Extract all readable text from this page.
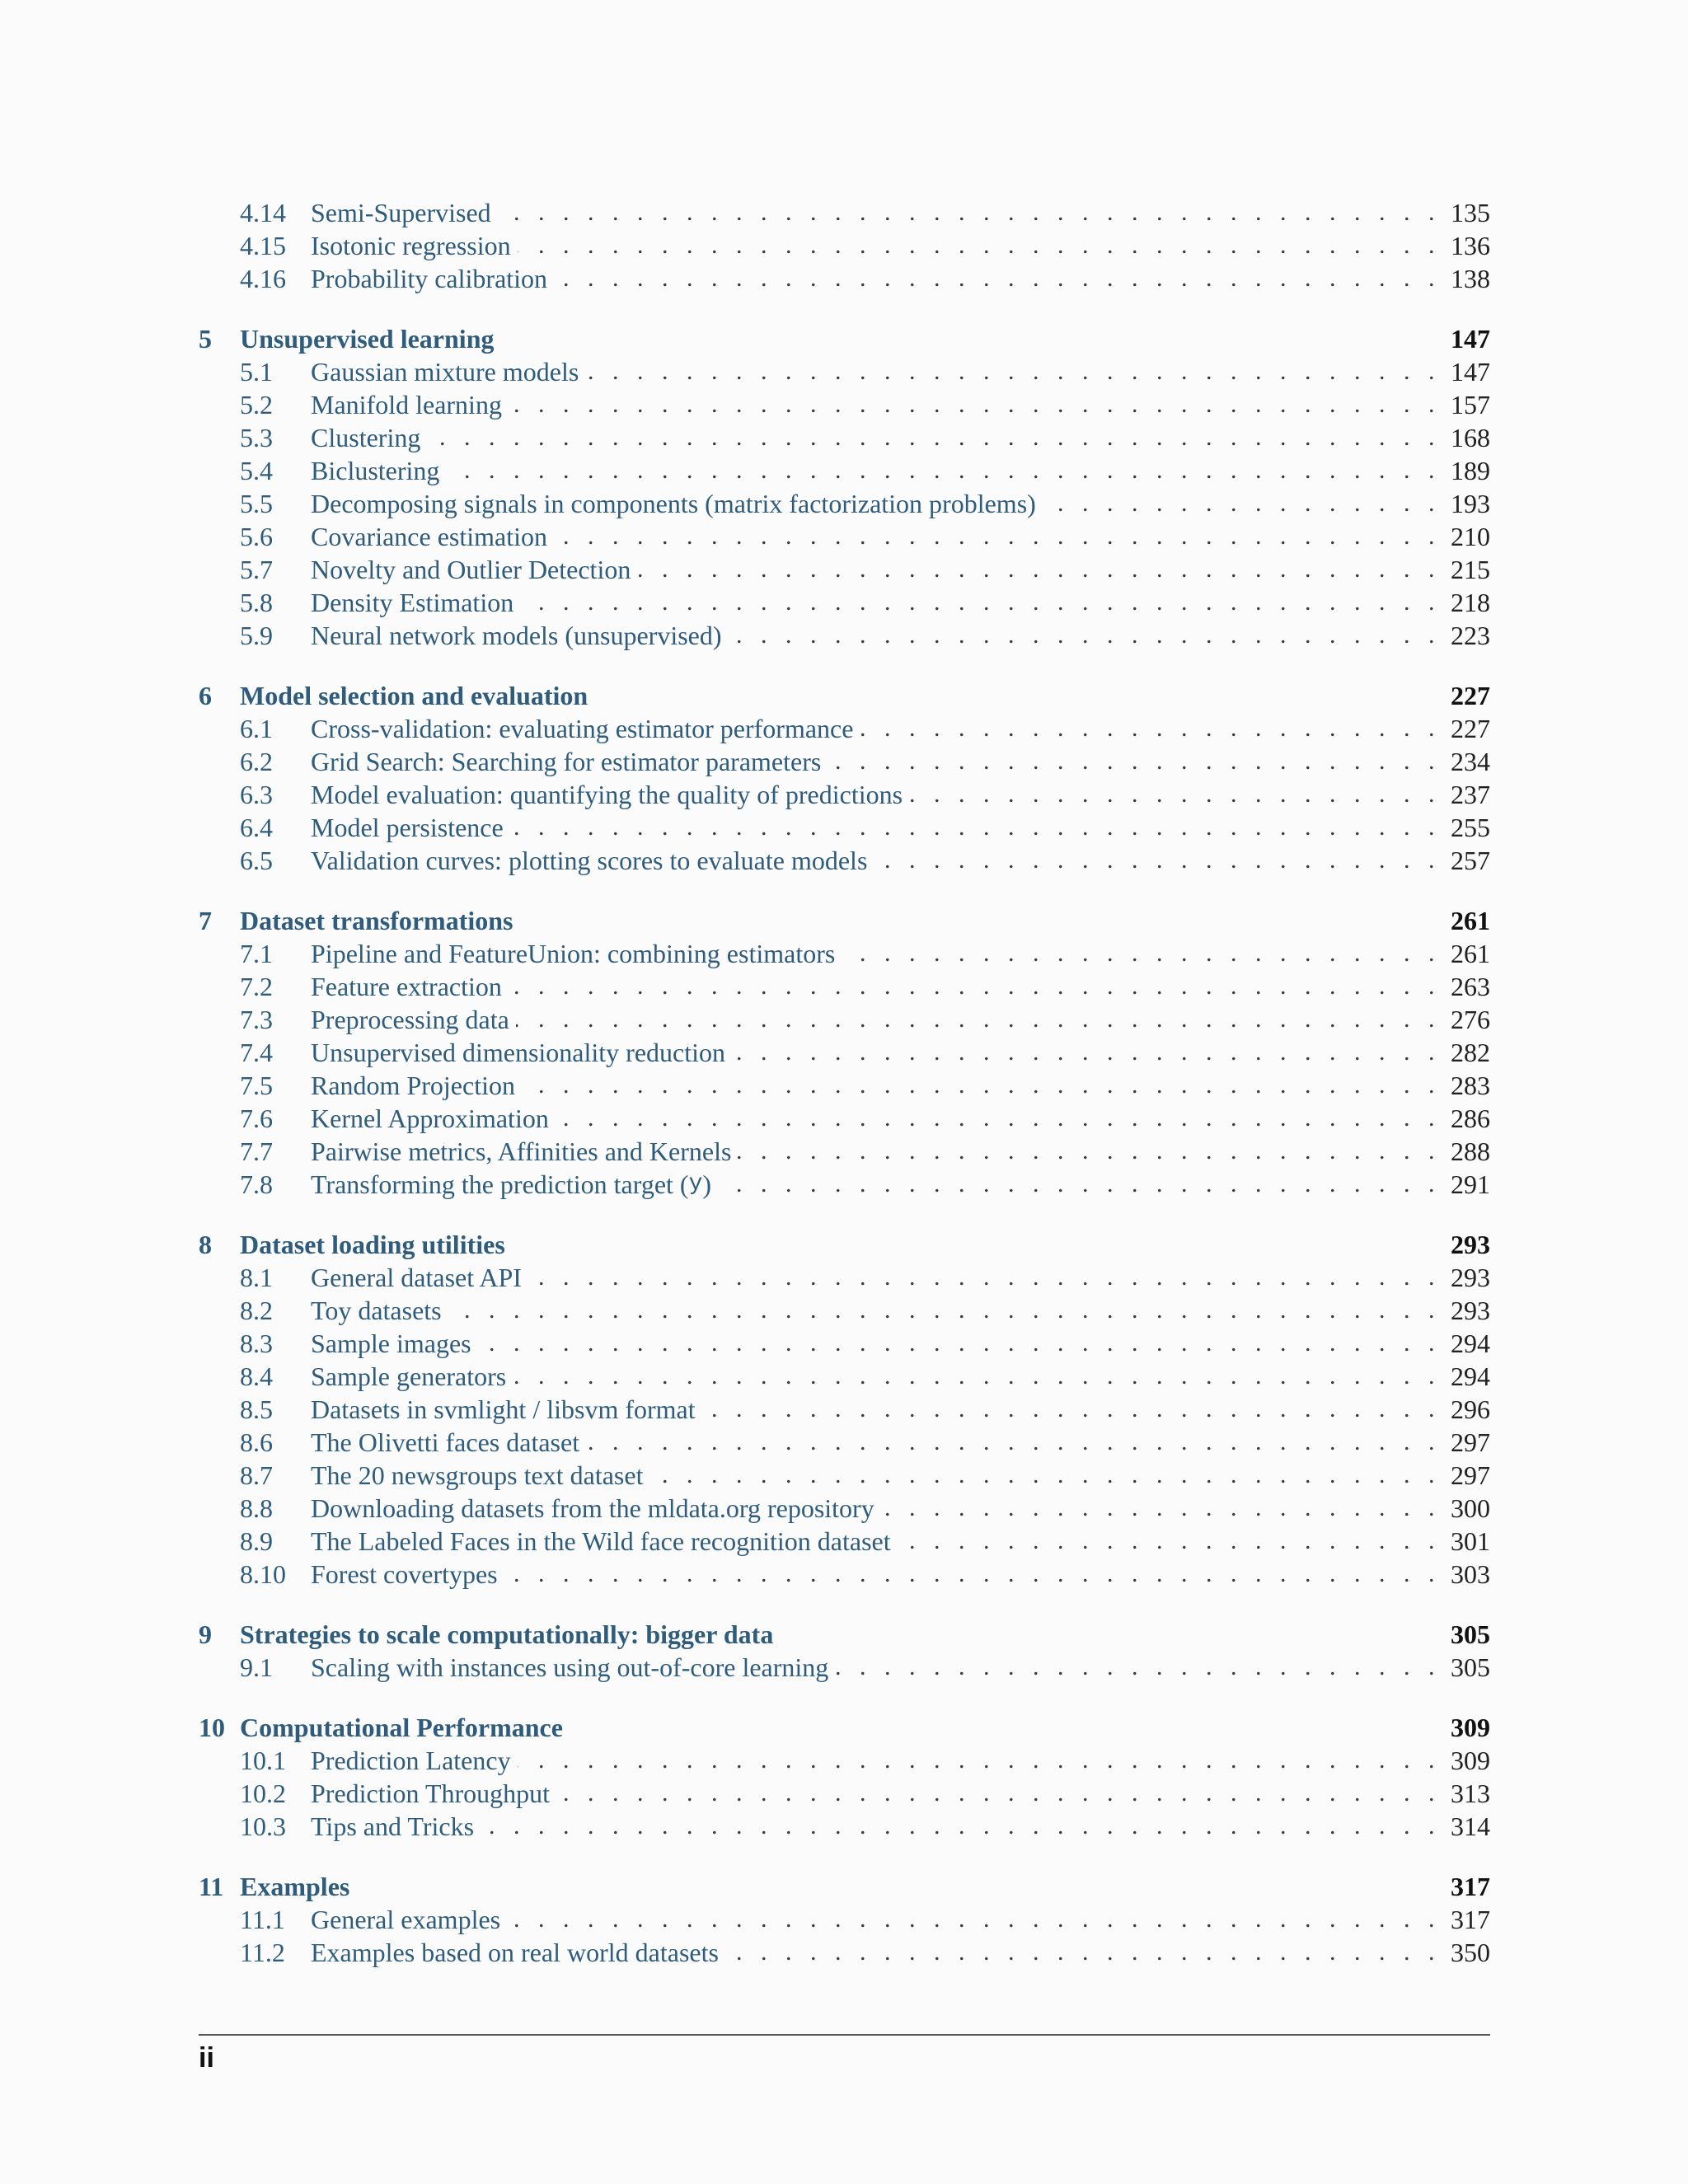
4.14 Semi-Supervised . . .	135
4.15 Isotonic regression . . .	136
4.16 Probability calibration . . .	138
5	Unsupervised learning	147
5.1	Gaussian mixture models . . .	147
5.2	Manifold learning . . .	157
5.3	Clustering . . .	168
5.4	Biclustering . . .	189
5.5	Decomposing signals in components (matrix factorization problems) . . .	193
5.6	Covariance estimation . . .	210
5.7	Novelty and Outlier Detection . . .	215
5.8	Density Estimation . . .	218
5.9	Neural network models (unsupervised) . . .	223
6	Model selection and evaluation	227
6.1	Cross-validation: evaluating estimator performance . . .	227
6.2	Grid Search: Searching for estimator parameters . . .	234
6.3	Model evaluation: quantifying the quality of predictions . . .	237
6.4	Model persistence . . .	255
6.5	Validation curves: plotting scores to evaluate models . . .	257
7	Dataset transformations	261
7.1	Pipeline and FeatureUnion: combining estimators . . .	261
7.2	Feature extraction . . .	263
7.3	Preprocessing data . . .	276
7.4	Unsupervised dimensionality reduction . . .	282
7.5	Random Projection . . .	283
7.6	Kernel Approximation . . .	286
7.7	Pairwise metrics, Affinities and Kernels . . .	288
7.8	Transforming the prediction target ( y ) . . .	291
8	Dataset loading utilities	293
8.1	General dataset API . . .	293
8.2	Toy datasets . . .	293
8.3	Sample images . . .	294
8.4	Sample generators . . .	294
8.5	Datasets in svmlight / libsvm format . . .	296
8.6	The Olivetti faces dataset . . .	297
8.7	The 20 newsgroups text dataset . . .	297
8.8	Downloading datasets from the mldata.org repository . . .	300
8.9	The Labeled Faces in the Wild face recognition dataset . . .	301
8.10 Forest covertypes . . .	303
9	Strategies to scale computationally: bigger data	305
9.1	Scaling with instances using out-of-core learning . . .	305
10 Computational Performance	309
10.1 Prediction Latency . . .	309
10.2 Prediction Throughput . . .	313
10.3 Tips and Tricks . . .	314
11 Examples	317
11.1 General examples . . .	317
11.2 Examples based on real world datasets . . .	350
ii
